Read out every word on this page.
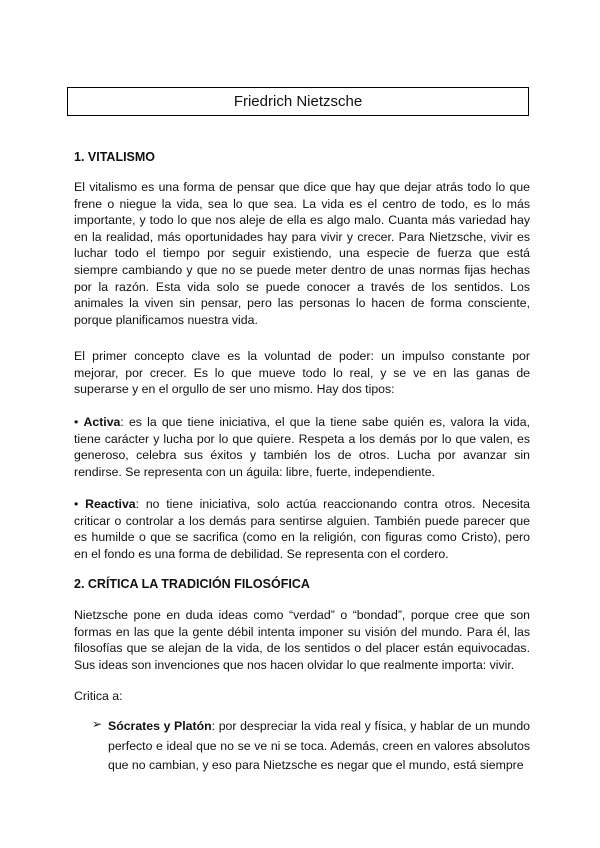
Friedrich Nietzsche
1. VITALISMO

El vitalismo es una forma de pensar que dice que hay que dejar atrás todo lo que frene o niegue la vida, sea lo que sea. La vida es el centro de todo, es lo más importante, y todo lo que nos aleje de ella es algo malo. Cuanta más variedad hay en la realidad, más oportunidades hay para vivir y crecer. Para Nietzsche, vivir es luchar todo el tiempo por seguir existiendo, una especie de fuerza que está siempre cambiando y que no se puede meter dentro de unas normas fijas hechas por la razón. Esta vida solo se puede conocer a través de los sentidos. Los animales la viven sin pensar, pero las personas lo hacen de forma consciente, porque planificamos nuestra vida.

El primer concepto clave es la voluntad de poder: un impulso constante por mejorar, por crecer. Es lo que mueve todo lo real, y se ve en las ganas de superarse y en el orgullo de ser uno mismo. Hay dos tipos:

• Activa: es la que tiene iniciativa, el que la tiene sabe quién es, valora la vida, tiene carácter y lucha por lo que quiere. Respeta a los demás por lo que valen, es generoso, celebra sus éxitos y también los de otros. Lucha por avanzar sin rendirse. Se representa con un águila: libre, fuerte, independiente.

• Reactiva: no tiene iniciativa, solo actúa reaccionando contra otros. Necesita criticar o controlar a los demás para sentirse alguien. También puede parecer que es humilde o que se sacrifica (como en la religión, con figuras como Cristo), pero en el fondo es una forma de debilidad. Se representa con el cordero.

2. CRÍTICA LA TRADICIÓN FILOSÓFICA

Nietzsche pone en duda ideas como “verdad” o “bondad”, porque cree que son formas en las que la gente débil intenta imponer su visión del mundo. Para él, las filosofías que se alejan de la vida, de los sentidos o del placer están equivocadas. Sus ideas son invenciones que nos hacen olvidar lo que realmente importa: vivir.

Critica a:

➢ Sócrates y Platón: por despreciar la vida real y física, y hablar de un mundo perfecto e ideal que no se ve ni se toca. Además, creen en valores absolutos que no cambian, y eso para Nietzsche es negar que el mundo, está siempre
